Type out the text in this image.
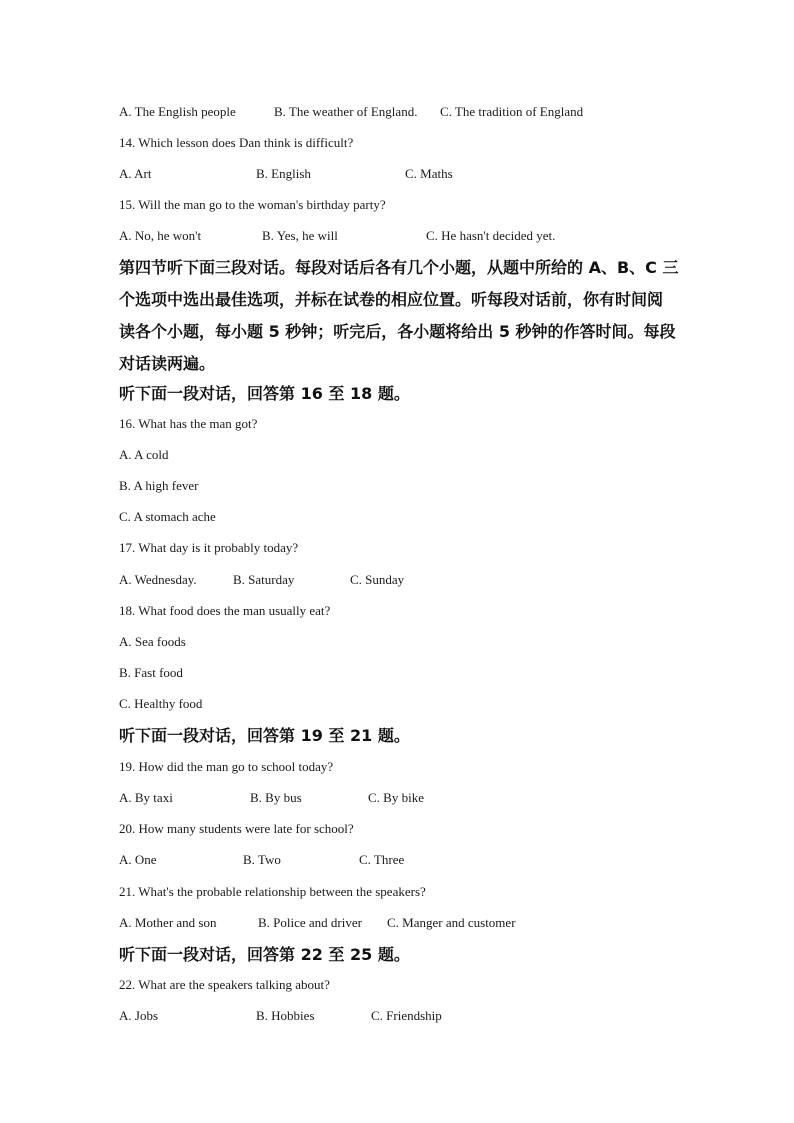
A. The English people	B. The weather of England. C. The tradition of England
14. Which lesson does Dan think is difficult?
A. Art	B. English	C. Maths
15. Will the man go to the woman's birthday party?
A. No, he won't	B. Yes, he will	C. He hasn't decided yet.
第四节听下面三段对话。每段对话后各有几个小题，从题中所给的 A、B、C 三
个选项中选出最佳选项，并标在试卷的相应位置。听每段对话前，你有时间阅
读各个小题，每小题 5 秒钟；听完后，各小题将给出 5 秒钟的作答时间。每段
对话读两遍。
听下面一段对话，回答第 16 至 18 题。
16. What has the man got?
A. A cold
B. A high fever
C. A stomach ache
17. What day is it probably today?
A. Wednesday.	B. Saturday	C. Sunday
18. What food does the man usually eat?
A. Sea foods
B. Fast food
C. Healthy food
听下面一段对话，回答第 19 至 21 题。
19. How did the man go to school today?
A. By taxi	B. By bus	C. By bike
20. How many students were late for school?
A. One	B. Two	C. Three
21. What's the probable relationship between the speakers?
A. Mother and son	B. Police and driver C. Manger and customer
听下面一段对话，回答第 22 至 25 题。
22. What are the speakers talking about?
A. Jobs	B. Hobbies	C. Friendship
